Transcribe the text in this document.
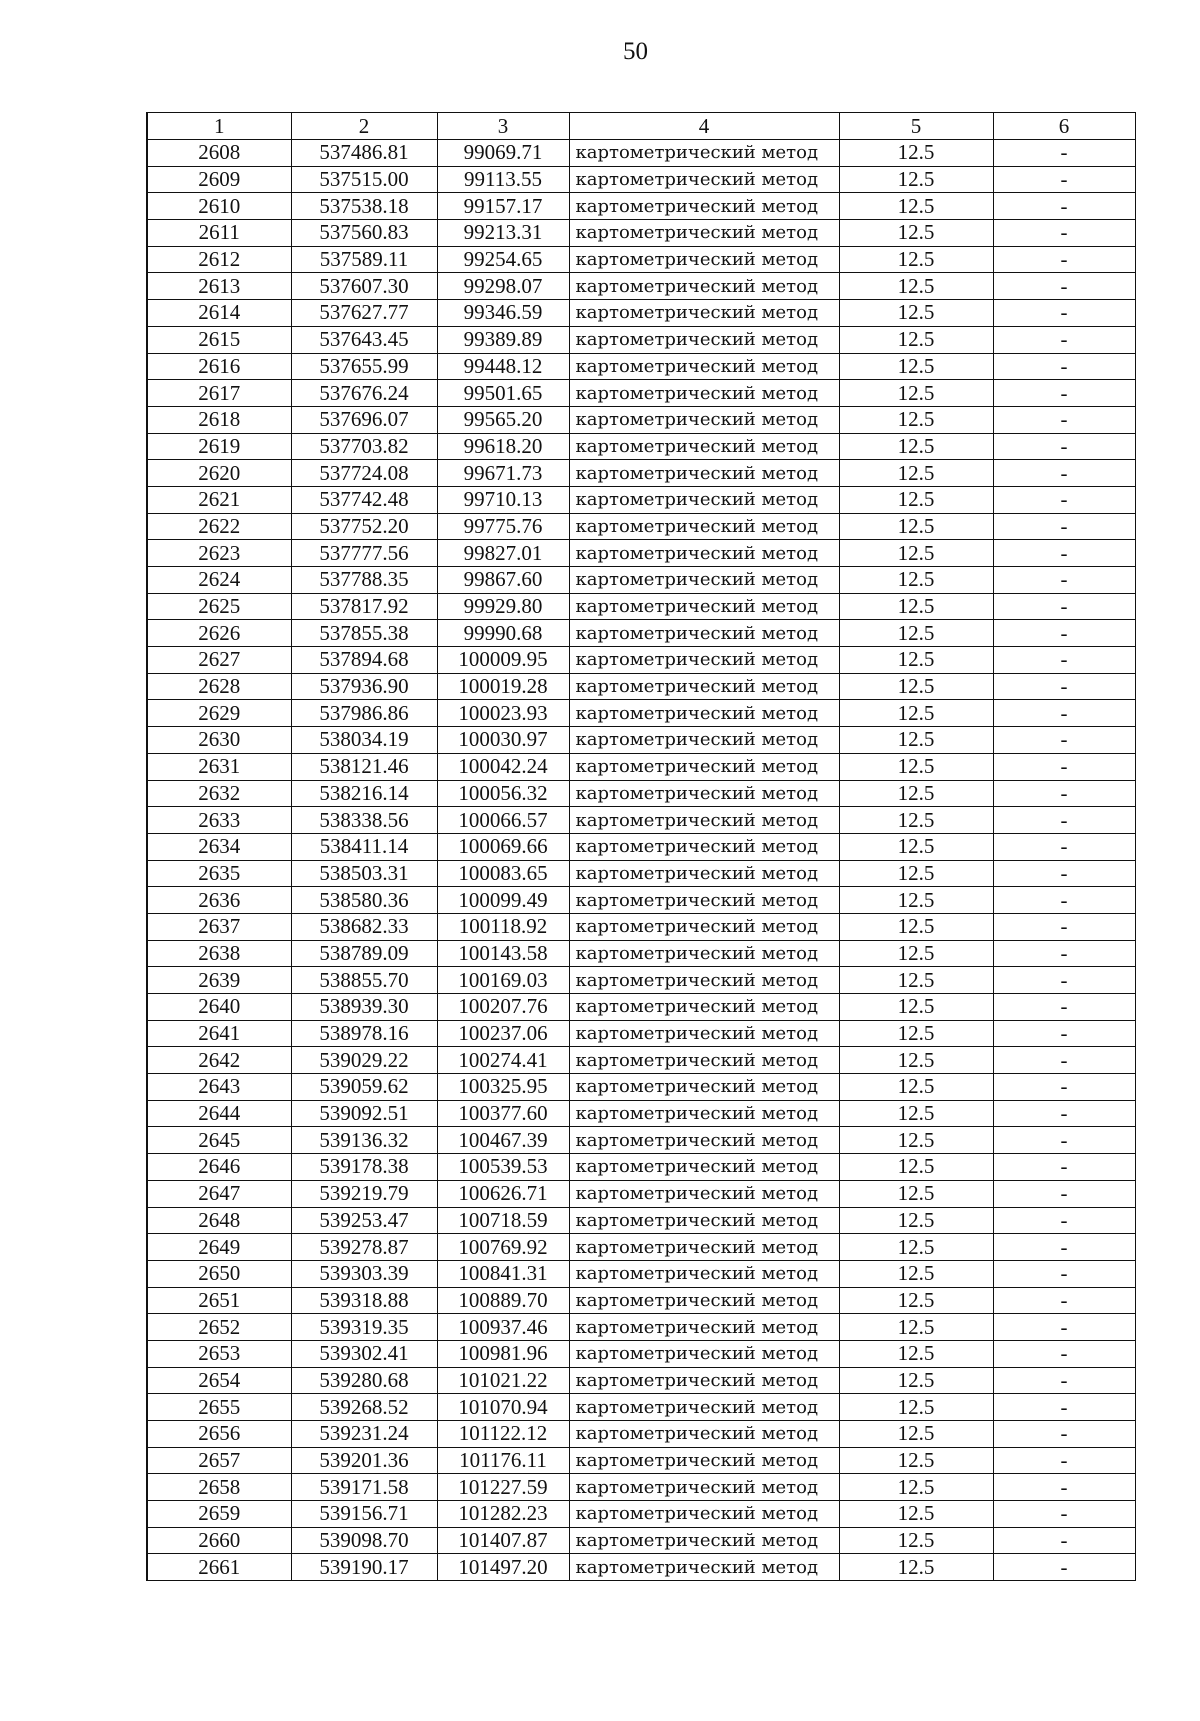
50
1	2	3	4	5	6
2608	537486.81	99069.71	картометрический метод	12.5	-
2609	537515.00	99113.55	картометрический метод	12.5	-
2610	537538.18	99157.17	картометрический метод	12.5	-
2611	537560.83	99213.31	картометрический метод	12.5	-
2612	537589.11	99254.65	картометрический метод	12.5	-
2613	537607.30	99298.07	картометрический метод	12.5	-
2614	537627.77	99346.59	картометрический метод	12.5	-
2615	537643.45	99389.89	картометрический метод	12.5	-
2616	537655.99	99448.12	картометрический метод	12.5	-
2617	537676.24	99501.65	картометрический метод	12.5	-
2618	537696.07	99565.20	картометрический метод	12.5	-
2619	537703.82	99618.20	картометрический метод	12.5	-
2620	537724.08	99671.73	картометрический метод	12.5	-
2621	537742.48	99710.13	картометрический метод	12.5	-
2622	537752.20	99775.76	картометрический метод	12.5	-
2623	537777.56	99827.01	картометрический метод	12.5	-
2624	537788.35	99867.60	картометрический метод	12.5	-
2625	537817.92	99929.80	картометрический метод	12.5	-
2626	537855.38	99990.68	картометрический метод	12.5	-
2627	537894.68	100009.95	картометрический метод	12.5	-
2628	537936.90	100019.28	картометрический метод	12.5	-
2629	537986.86	100023.93	картометрический метод	12.5	-
2630	538034.19	100030.97	картометрический метод	12.5	-
2631	538121.46	100042.24	картометрический метод	12.5	-
2632	538216.14	100056.32	картометрический метод	12.5	-
2633	538338.56	100066.57	картометрический метод	12.5	-
2634	538411.14	100069.66	картометрический метод	12.5	-
2635	538503.31	100083.65	картометрический метод	12.5	-
2636	538580.36	100099.49	картометрический метод	12.5	-
2637	538682.33	100118.92	картометрический метод	12.5	-
2638	538789.09	100143.58	картометрический метод	12.5	-
2639	538855.70	100169.03	картометрический метод	12.5	-
2640	538939.30	100207.76	картометрический метод	12.5	-
2641	538978.16	100237.06	картометрический метод	12.5	-
2642	539029.22	100274.41	картометрический метод	12.5	-
2643	539059.62	100325.95	картометрический метод	12.5	-
2644	539092.51	100377.60	картометрический метод	12.5	-
2645	539136.32	100467.39	картометрический метод	12.5	-
2646	539178.38	100539.53	картометрический метод	12.5	-
2647	539219.79	100626.71	картометрический метод	12.5	-
2648	539253.47	100718.59	картометрический метод	12.5	-
2649	539278.87	100769.92	картометрический метод	12.5	-
2650	539303.39	100841.31	картометрический метод	12.5	-
2651	539318.88	100889.70	картометрический метод	12.5	-
2652	539319.35	100937.46	картометрический метод	12.5	-
2653	539302.41	100981.96	картометрический метод	12.5	-
2654	539280.68	101021.22	картометрический метод	12.5	-
2655	539268.52	101070.94	картометрический метод	12.5	-
2656	539231.24	101122.12	картометрический метод	12.5	-
2657	539201.36	101176.11	картометрический метод	12.5	-
2658	539171.58	101227.59	картометрический метод	12.5	-
2659	539156.71	101282.23	картометрический метод	12.5	-
2660	539098.70	101407.87	картометрический метод	12.5	-
2661	539190.17	101497.20	картометрический метод	12.5	-
